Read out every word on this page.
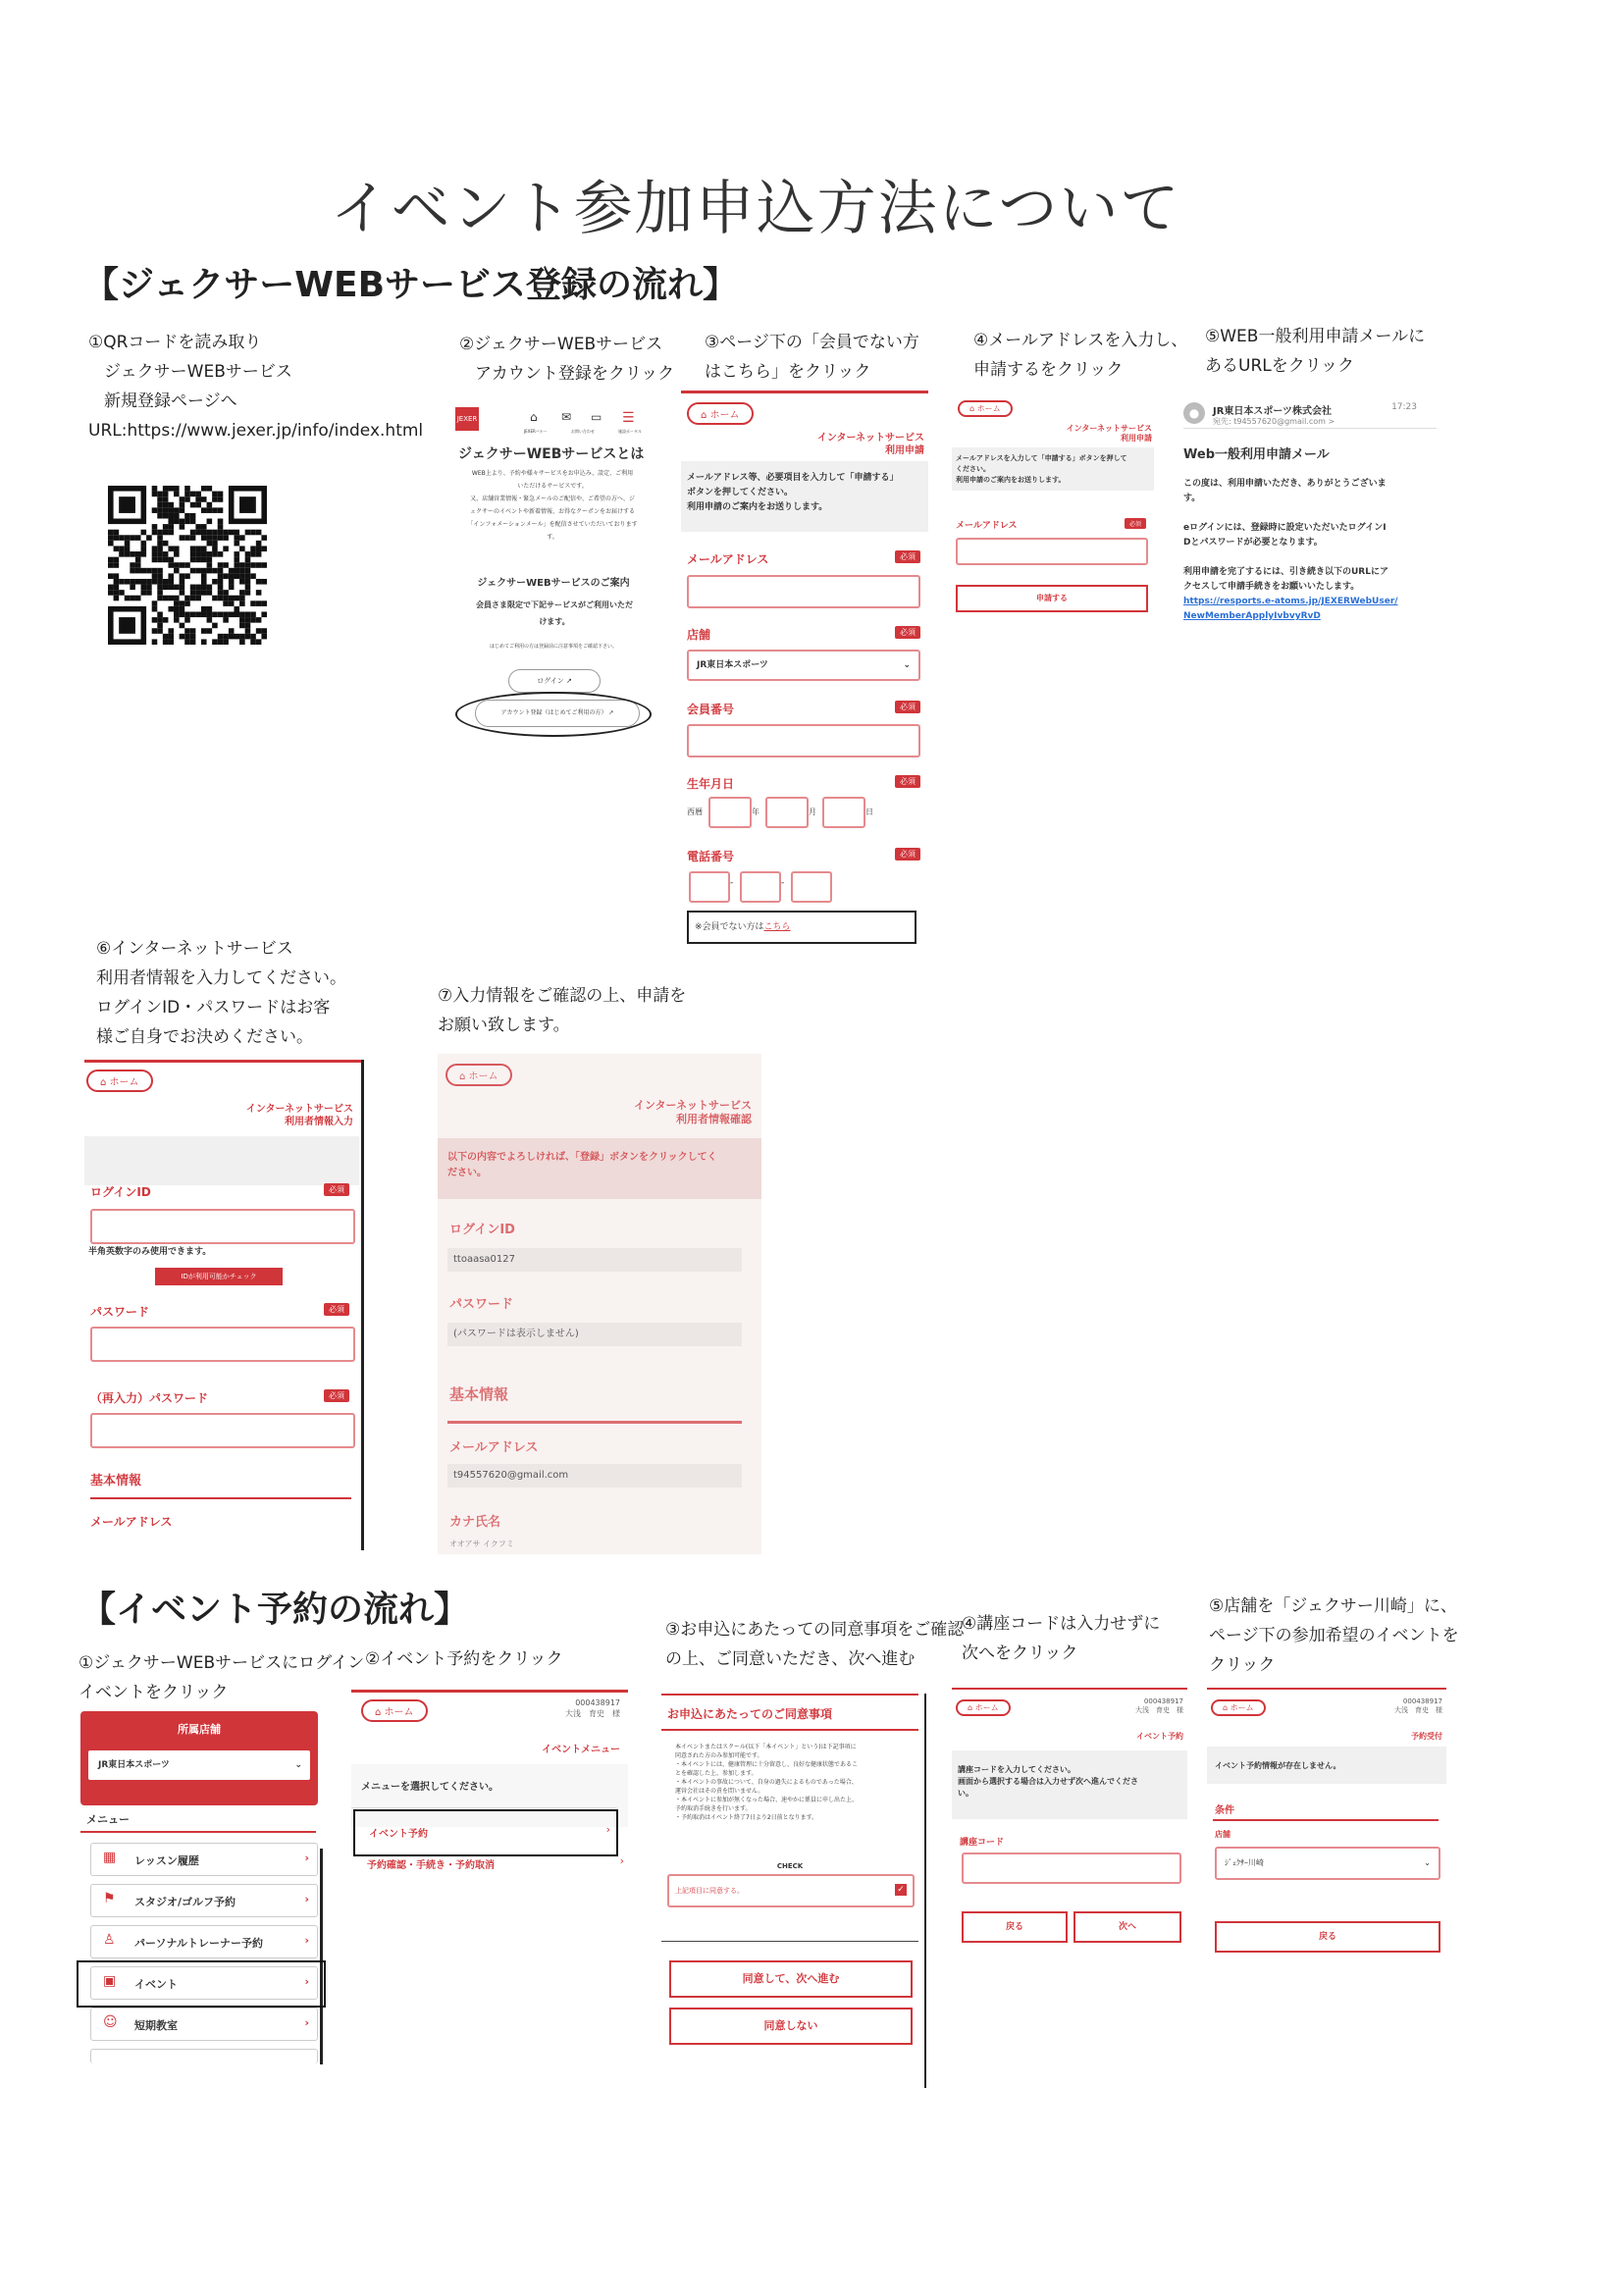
イベント参加申込方法について
【ジェクサーWEBサービス登録の流れ】
①QRコードを読み取り
ジェクサーWEBサービス
新規登録ページへ
URL:https://www.jexer.jp/info/index.html
②ジェクサーWEBサービス
アカウント登録をクリック
JEXER	⌂ ✉ ▭ ☰
JEXERバナー	お問い合わせ	施設ポータル
ジェクサーWEBサービスとは
WEB上より、予約や様々サービスをお申込み、設定、ご利用
いただけるサービスです。
又、店舗営業情報・緊急メールのご配信や、ご希望の方へ、ジ
ェクサーのイベントや新着情報、お得なクーポンをお届けする
「インフォメーションメール」を配信させていただいております
す。
ジェクサーWEBサービスのご案内
会員さま限定で下記サービスがご利用いただ
けます。
はじめてご利用の方は登録前に注意事項をご確認下さい。
ログイン ↗
アカウント登録（はじめてご利用の方） ↗
③ページ下の「会員でない方
はこちら」をクリック
⌂ ホーム
インターネットサービス
利用申請
メールアドレス等、必要項目を入力して「申請する」
ボタンを押してください。
利用申請のご案内をお送りします。
メールアドレス	必須
店舗	必須
JR東日本スポーツ	⌄
会員番号	必須
生年月日	必須
西暦	年	月	日
電話番号	必須
-	-
※会員でない方はこちら
④メールアドレスを入力し、
申請するをクリック
⌂ ホーム
インターネットサービス
利用申請
メールアドレスを入力して「申請する」ボタンを押して
ください。
利用申請のご案内をお送りします。
メールアドレス	必須
申請する
⑤WEB一般利用申請メールに
あるURLをクリック
●	JR東日本スポーツ株式会社	17:23
宛先: t94557620@gmail.com >
Web一般利用申請メール
この度は、利用申請いただき、ありがとうございま
す。
eログインには、登録時に設定いただいたログインI
Dとパスワードが必要となります。
利用申請を完了するには、引き続き以下のURLにア
クセスして申請手続きをお願いいたします。
https://resports.e-atoms.jp/JEXERWebUser/
NewMemberApplyIvbvyRvD
⑥インターネットサービス
利用者情報を入力してください。
ログインID・パスワードはお客
様ご自身でお決めください。
⌂ ホーム
インターネットサービス
利用者情報入力
ログインID	必須
半角英数字のみ使用できます。
IDが利用可能かチェック
パスワード	必須
（再入力）パスワード	必須
基本情報
メールアドレス
⑦入力情報をご確認の上、申請を
お願い致します。
⌂ ホーム
インターネットサービス
利用者情報確認
以下の内容でよろしければ、「登録」ボタンをクリックしてく
ださい。
ログインID
ttoaasa0127
パスワード
(パスワードは表示しません)
基本情報
メールアドレス
t94557620@gmail.com
カナ氏名
オオアサ イクフミ
【イベント予約の流れ】
①ジェクサーWEBサービスにログイン
イベントをクリック
所属店舗
JR東日本スポーツ	⌄
メニュー
▦ レッスン履歴	›
⚑ スタジオ/ゴルフ予約	›
♙ パーソナルトレーナー予約	›
▣ イベント	›
☺ 短期教室	›
②イベント予約をクリック
⌂ ホーム
000438917
大浅　育史　様
イベントメニュー
メニューを選択してください。
イベント予約	›
予約確認・手続き・予約取消	›
③お申込にあたっての同意事項をご確認
の上、ご同意いただき、次へ進む
お申込にあたってのご同意事項
本イベントまたはスクール(以下「本イベント」という)は下記事項に
同意された方のみ参加可能です。
・本イベントには、健康管理に十分留意し、良好な健康状態であるこ
とを確認した上、参加します。
・本イベントの事故について、自身の過失によるものであった場合、
運営会社はその責を問いません。
・本イベントに参加が無くなった場合、速やかに係員に申し出た上、
予約取消手続きを行います。
・予約取消はイベント終了7日より2日前となります。
CHECK
上記項目に同意する。	✓
同意して、次へ進む
同意しない
④講座コードは入力せずに
次へをクリック
⌂ ホーム
000438917
大浅　育史　様
イベント予約
講座コードを入力してください。
画面から選択する場合は入力せず次へ進んでくださ
い。
講座コード
戻る	次へ
⑤店舗を「ジェクサー川崎」に、
ページ下の参加希望のイベントを
クリック
⌂ ホーム
000438917
大浅　育史　様
予約受付
イベント予約情報が存在しません。
条件
店舗
ｼﾞｪｸｻｰ川崎	⌄
戻る
